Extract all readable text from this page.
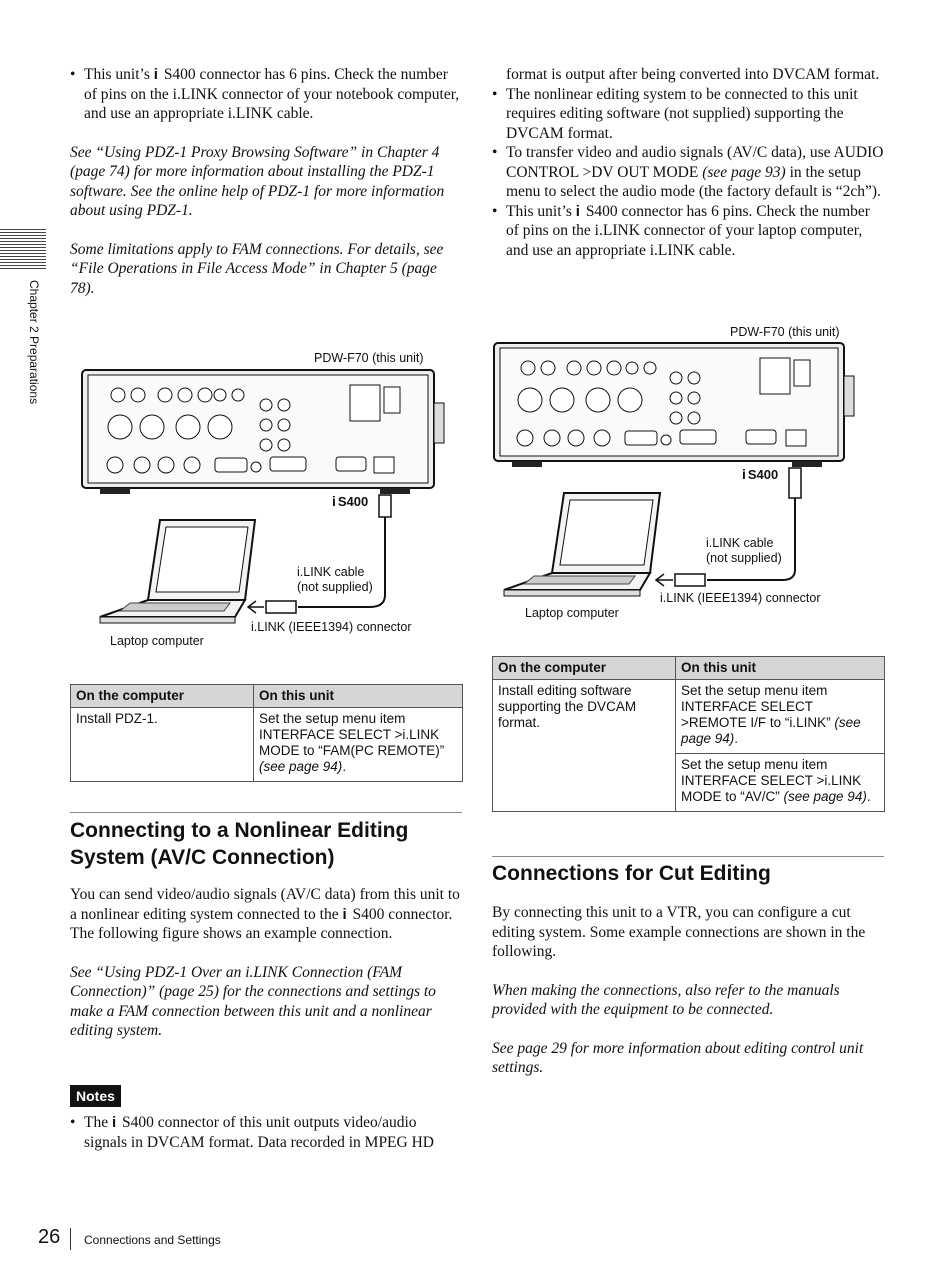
Chapter 2 Preparations
• This unit’s i S400 connector has 6 pins. Check the number of pins on the i.LINK connector of your notebook computer, and use an appropriate i.LINK cable.

See “Using PDZ-1 Proxy Browsing Software” in Chapter 4 (page 74) for more information about installing the PDZ-1 software. See the online help of PDZ-1 for more information about using PDZ-1.

Some limitations apply to FAM connections. For details, see “File Operations in File Access Mode” in Chapter 5 (page 78).

PDW-F70 (this unit)
i S400
i.LINK cable
(not supplied)
i.LINK (IEEE1394) connector
Laptop computer
On the computer	On this unit
Install PDZ-1.	Set the setup menu item INTERFACE SELECT >i.LINK MODE to “FAM(PC REMOTE)” (see page 94).
Connecting to a Nonlinear Editing System (AV/C Connection)

You can send video/audio signals (AV/C data) from this unit to a nonlinear editing system connected to the i S400 connector.

The following figure shows an example connection.

See “Using PDZ-1 Over an i.LINK Connection (FAM Connection)” (page 25) for the connections and settings to make a FAM connection between this unit and a nonlinear editing system.

Notes
• The i S400 connector of this unit outputs video/audio signals in DVCAM format. Data recorded in MPEG HD

format is output after being converted into DVCAM format.

• The nonlinear editing system to be connected to this unit requires editing software (not supplied) supporting the DVCAM format.
• To transfer video and audio signals (AV/C data), use AUDIO CONTROL >DV OUT MODE (see page 93) in the setup menu to select the audio mode (the factory default is “2ch”).
• This unit’s i S400 connector has 6 pins. Check the number of pins on the i.LINK connector of your laptop computer, and use an appropriate i.LINK cable.
PDW-F70 (this unit)
i S400
i.LINK cable
(not supplied)
i.LINK (IEEE1394) connector
Laptop computer
On the computer	On this unit
Install editing software supporting the DVCAM format.	Set the setup menu item INTERFACE SELECT >REMOTE I/F to “i.LINK” (see page 94).
	Set the setup menu item INTERFACE SELECT >i.LINK MODE to “AV/C” (see page 94).
Connections for Cut Editing

By connecting this unit to a VTR, you can configure a cut editing system. Some example connections are shown in the following.

When making the connections, also refer to the manuals provided with the equipment to be connected.

See page 29 for more information about editing control unit settings.

26 Connections and Settings
